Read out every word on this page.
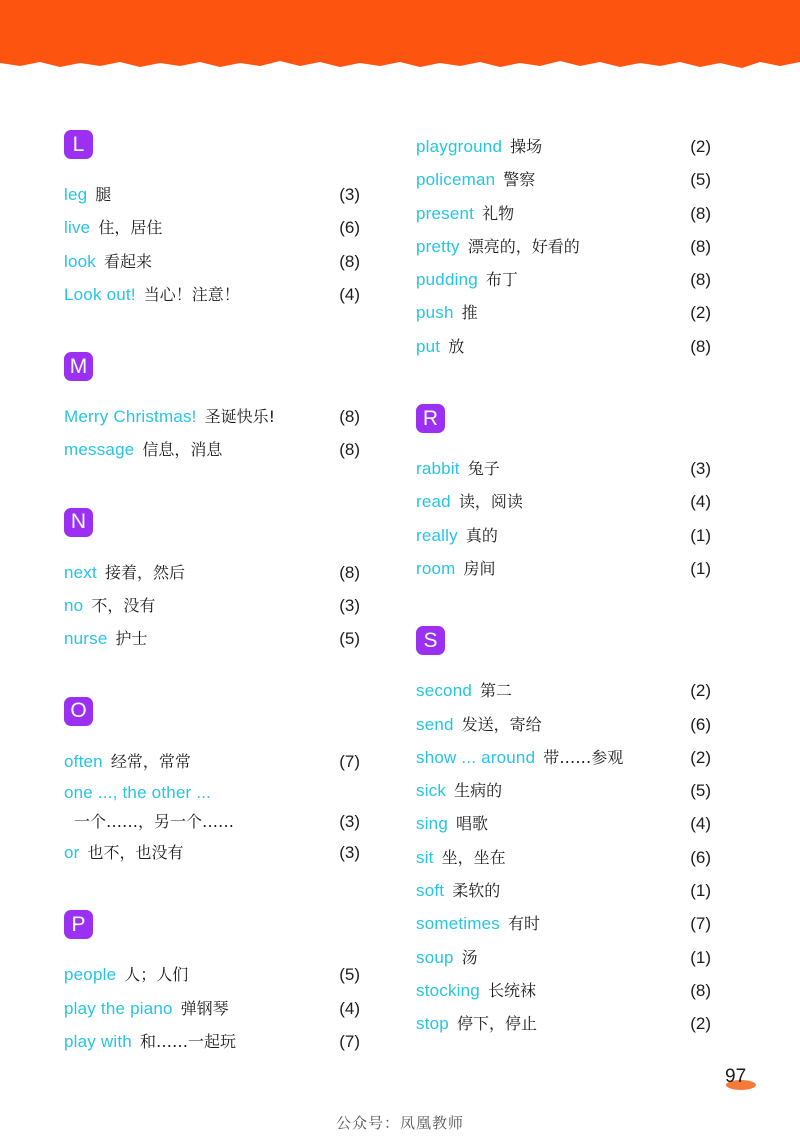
L
leg 腿	(3)
live 住，居住	(6)
look 看起来	(8)
Look out! 当心！注意！	(4)
M
Merry Christmas! 圣诞快乐!	(8)
message 信息，消息	(8)
N
next 接着，然后	(8)
no 不，没有	(3)
nurse 护士	(5)
O
often 经常，常常	(7)
one ..., the other ...
一个……，另一个……	(3)
or 也不，也没有	(3)
P
people 人；人们	(5)
play the piano 弹钢琴	(4)
play with 和……一起玩	(7)
playground 操场	(2)
policeman 警察	(5)
present 礼物	(8)
pretty 漂亮的，好看的	(8)
pudding 布丁	(8)
push 推	(2)
put 放	(8)
R
rabbit 兔子	(3)
read 读，阅读	(4)
really 真的	(1)
room 房间	(1)
S
second 第二	(2)
send 发送，寄给	(6)
show ... around 带……参观	(2)
sick 生病的	(5)
sing 唱歌	(4)
sit 坐，坐在	(6)
soft 柔软的	(1)
sometimes 有时	(7)
soup 汤	(1)
stocking 长统袜	(8)
stop 停下，停止	(2)
97
公众号：凤凰教师
